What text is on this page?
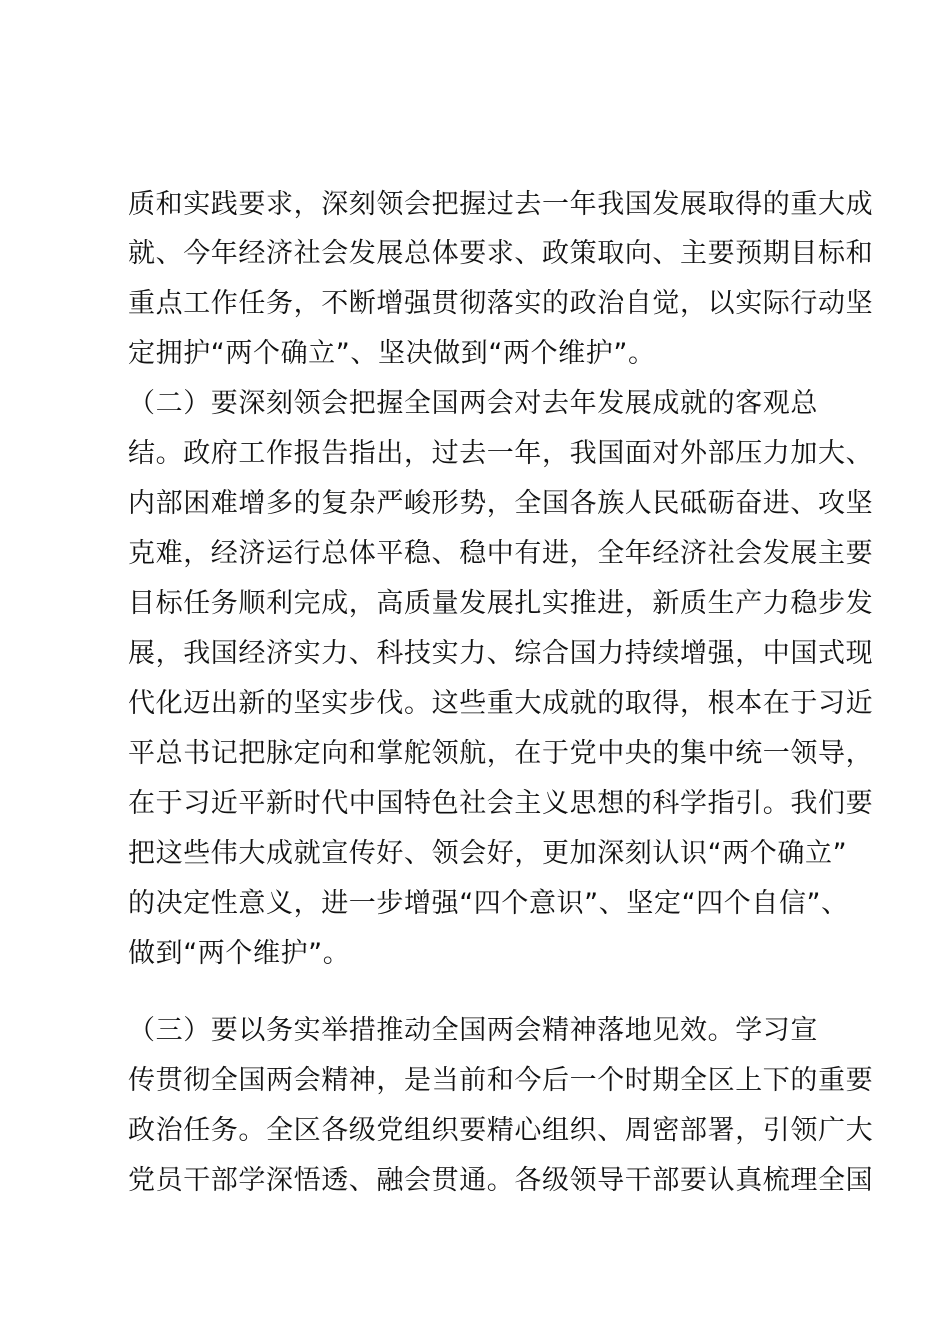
质和实践要求，深刻领会把握过去一年我国发展取得的重大成
就、今年经济社会发展总体要求、政策取向、主要预期目标和
重点工作任务，不断增强贯彻落实的政治自觉，以实际行动坚
定拥护“两个确立”、坚决做到“两个维护”。
（二）要深刻领会把握全国两会对去年发展成就的客观总
结。政府工作报告指出，过去一年，我国面对外部压力加大、
内部困难增多的复杂严峻形势，全国各族人民砥砺奋进、攻坚
克难，经济运行总体平稳、稳中有进，全年经济社会发展主要
目标任务顺利完成，高质量发展扎实推进，新质生产力稳步发
展，我国经济实力、科技实力、综合国力持续增强，中国式现
代化迈出新的坚实步伐。这些重大成就的取得，根本在于习近
平总书记把脉定向和掌舵领航，在于党中央的集中统一领导，
在于习近平新时代中国特色社会主义思想的科学指引。我们要
把这些伟大成就宣传好、领会好，更加深刻认识“两个确立”
的决定性意义，进一步增强“四个意识”、坚定“四个自信”、
做到“两个维护”。
（三）要以务实举措推动全国两会精神落地见效。学习宣
传贯彻全国两会精神，是当前和今后一个时期全区上下的重要
政治任务。全区各级党组织要精心组织、周密部署，引领广大
党员干部学深悟透、融会贯通。各级领导干部要认真梳理全国
